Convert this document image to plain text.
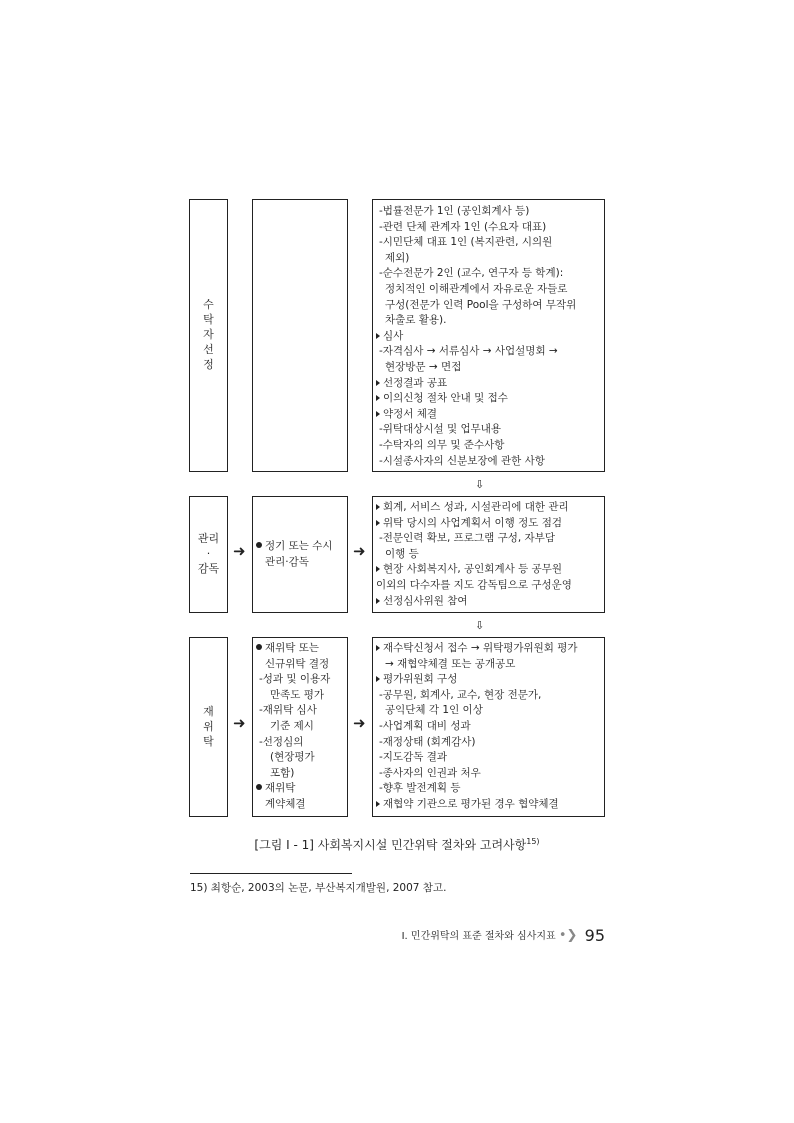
수
탁
자
선
정
-법률전문가 1인 (공인회계사 등)
-관련 단체 관계자 1인 (수요자 대표)
-시민단체 대표 1인 (복지관련, 시의원
제외)
-순수전문가 2인 (교수, 연구자 등 학계):
정치적인 이해관계에서 자유로운 자들로
구성(전문가 인력 Pool을 구성하여 무작위
차출로 활용).
심사
-자격심사 → 서류심사 → 사업설명회 →
현장방문 → 면접
선정결과 공표
이의신청 절차 안내 및 접수
약정서 체결
-위탁대상시설 및 업무내용
-수탁자의 의무 및 준수사항
-시설종사자의 신분보장에 관한 사항
⇩
관리
·
감독
➜	정기 또는 수시
관리·감독
➜
회계, 서비스 성과, 시설관리에 대한 관리
위탁 당시의 사업계획서 이행 정도 점검
-전문인력 확보, 프로그램 구성, 자부담
이행 등
현장 사회복지사, 공인회계사 등 공무원
이외의 다수자를 지도 감독팀으로 구성운영
선정심사위원 참여
⇩
재
위
탁
➜
재위탁 또는
신규위탁 결정
-성과 및 이용자
만족도 평가
-재위탁 심사
기준 제시
-선정심의
(현장평가
포함)
재위탁
계약체결
➜
재수탁신청서 접수 → 위탁평가위원회 평가
→ 재협약체결 또는 공개공모
평가위원회 구성
-공무원, 회계사, 교수, 현장 전문가,
공익단체 각 1인 이상
-사업계획 대비 성과
-재정상태 (회계감사)
-지도감독 결과
-종사자의 인권과 처우
-향후 발전계획 등
재협약 기관으로 평가된 경우 협약체결
[그림 Ⅰ - 1] 사회복지시설 민간위탁 절차와 고려사항$^{15)}$
15) 최항순, 2003의 논문, 부산복지개발원, 2007 참고.
Ⅰ. 민간위탁의 표준 절차와 심사지표 •❯ 95
